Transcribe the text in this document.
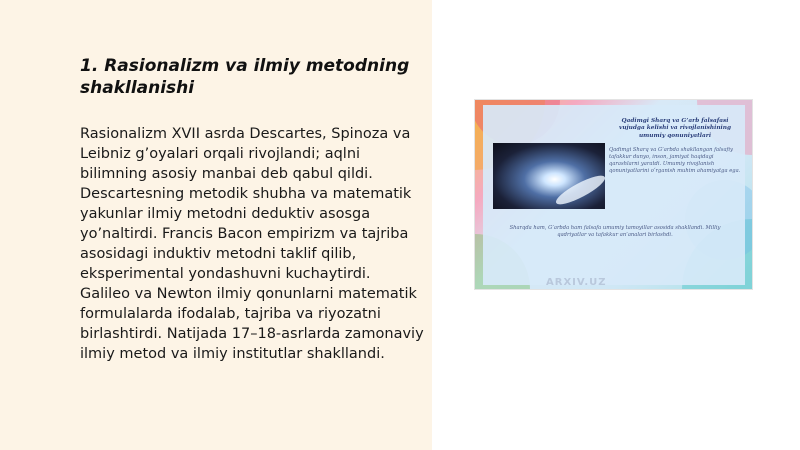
1. Rasionalizm va ilmiy metodning shakllanishi

Rasionalizm XVII asrda Descartes, Spinoza va Leibniz g’oyalari orqali rivojlandi; aqlni bilimning asosiy manbai deb qabul qildi. Descartesning metodik shubha va matematik yakunlar ilmiy metodni deduktiv asosga yo’naltirdi. Francis Bacon empirizm va tajriba asosidagi induktiv metodni taklif qilib, eksperimental yondashuvni kuchaytirdi. Galileo va Newton ilmiy qonunlarni matematik formulalarda ifodalab, tajriba va riyozatni birlashtirdi. Natijada 17–18-asrlarda zamonaviy ilmiy metod va ilmiy institutlar shakllandi.

Qadimgi Sharq va G’arb falsafasi vujudga kelishi va rivojlanishining umumiy qonuniyatlari

Qadimgi Sharq va G’arbda shakllangan falsafiy tafakkur dunyo, inson, jamiyat haqidagi qarashlarni yaratdi. Umumiy rivojlanish qonuniyatlarini o‘rganish muhim ahamiyatga ega.

Sharqda ham, G’arbda ham falsafa umumiy tamoyillar asosida shakllandi. Milliy qadriyatlar va tafakkur an’analari birlashdi.

ARXIV.UZ
